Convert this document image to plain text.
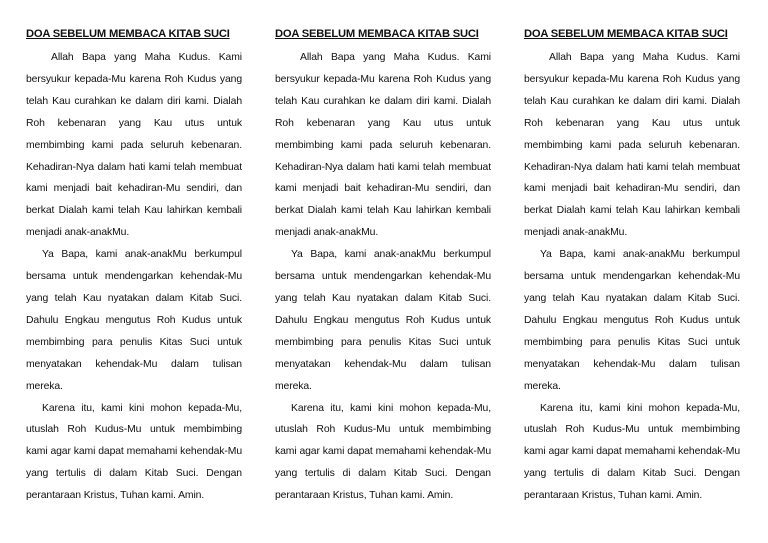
DOA SEBELUM MEMBACA KITAB SUCI

Allah Bapa yang Maha Kudus. Kami bersyukur kepada-Mu karena Roh Kudus yang telah Kau curahkan ke dalam diri kami. Dialah Roh kebenaran yang Kau utus untuk membimbing kami pada seluruh kebenaran. Kehadiran-Nya dalam hati kami telah membuat kami menjadi bait kehadiran-Mu sendiri, dan berkat Dialah kami telah Kau lahirkan kembali menjadi anak-anakMu.

Ya Bapa, kami anak-anakMu berkumpul bersama untuk mendengarkan kehendak-Mu yang telah Kau nyatakan dalam Kitab Suci. Dahulu Engkau mengutus Roh Kudus untuk membimbing para penulis Kitas Suci untuk menyatakan kehendak-Mu dalam tulisan mereka.

Karena itu, kami kini mohon kepada-Mu, utuslah Roh Kudus-Mu untuk membimbing kami agar kami dapat memahami kehendak-Mu yang tertulis di dalam Kitab Suci. Dengan perantaraan Kristus, Tuhan kami. Amin.

DOA SEBELUM MEMBACA KITAB SUCI

Allah Bapa yang Maha Kudus. Kami bersyukur kepada-Mu karena Roh Kudus yang telah Kau curahkan ke dalam diri kami. Dialah Roh kebenaran yang Kau utus untuk membimbing kami pada seluruh kebenaran. Kehadiran-Nya dalam hati kami telah membuat kami menjadi bait kehadiran-Mu sendiri, dan berkat Dialah kami telah Kau lahirkan kembali menjadi anak-anakMu.

Ya Bapa, kami anak-anakMu berkumpul bersama untuk mendengarkan kehendak-Mu yang telah Kau nyatakan dalam Kitab Suci. Dahulu Engkau mengutus Roh Kudus untuk membimbing para penulis Kitas Suci untuk menyatakan kehendak-Mu dalam tulisan mereka.

Karena itu, kami kini mohon kepada-Mu, utuslah Roh Kudus-Mu untuk membimbing kami agar kami dapat memahami kehendak-Mu yang tertulis di dalam Kitab Suci. Dengan perantaraan Kristus, Tuhan kami. Amin.

DOA SEBELUM MEMBACA KITAB SUCI

Allah Bapa yang Maha Kudus. Kami bersyukur kepada-Mu karena Roh Kudus yang telah Kau curahkan ke dalam diri kami. Dialah Roh kebenaran yang Kau utus untuk membimbing kami pada seluruh kebenaran. Kehadiran-Nya dalam hati kami telah membuat kami menjadi bait kehadiran-Mu sendiri, dan berkat Dialah kami telah Kau lahirkan kembali menjadi anak-anakMu.

Ya Bapa, kami anak-anakMu berkumpul bersama untuk mendengarkan kehendak-Mu yang telah Kau nyatakan dalam Kitab Suci. Dahulu Engkau mengutus Roh Kudus untuk membimbing para penulis Kitas Suci untuk menyatakan kehendak-Mu dalam tulisan mereka.

Karena itu, kami kini mohon kepada-Mu, utuslah Roh Kudus-Mu untuk membimbing kami agar kami dapat memahami kehendak-Mu yang tertulis di dalam Kitab Suci. Dengan perantaraan Kristus, Tuhan kami. Amin.
